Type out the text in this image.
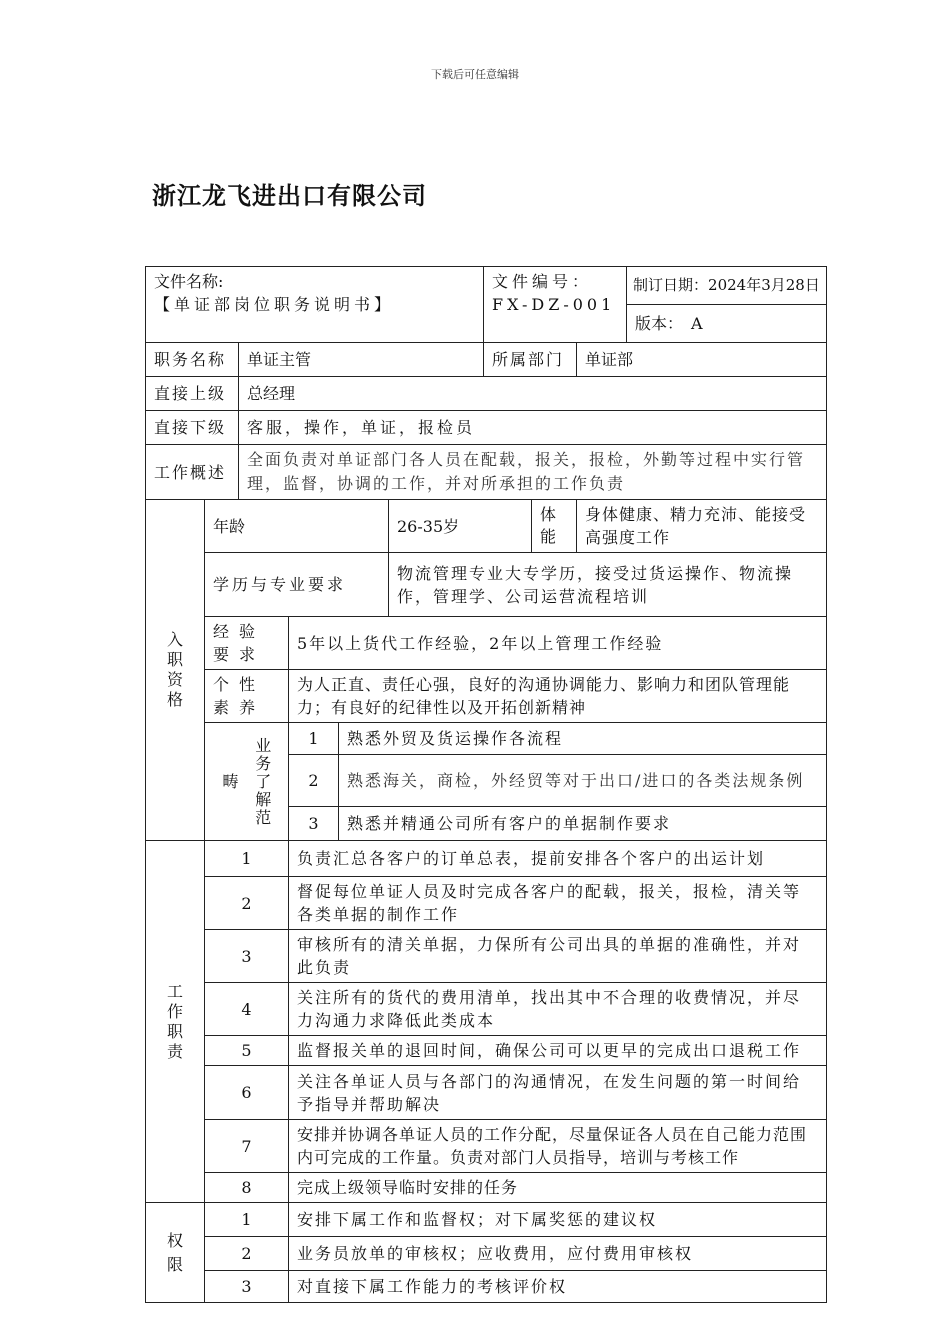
下载后可任意编辑
浙江龙飞进出口有限公司
文件名称:
【单证部岗位职务说明书】						文件编号：FX-DZ-001			制订日期：2024年3月28日
									版本：　A
职务名称		单证主管				所属部门		单证部	
直接上级		总经理							
直接下级		客服，操作，单证，报检员							
工作概述		全面负责对单证部门各人员在配载，报关，报检，外勤等过程中实行管理，监督，协调的工作，并对所承担的工作负责							

入职资格	年龄				26-35岁		体能	身体健康、精力充沛、能接受高强度工作	
	学历与专业要求				物流管理专业大专学历，接受过货运操作、物流操作，管理学、公司运营流程培训				
	经验要求		5年以上货代工作经验，2年以上管理工作经验						
	个性素养		为人正直、责任心强，良好的沟通协调能力、影响力和团队管理能力；有良好的纪律性以及开拓创新精神						
	畴	业务了解范	1	熟悉外贸及货运操作各流程					
			2	熟悉海关，商检，外经贸等对于出口/进口的各类法规条例					
			3	熟悉并精通公司所有客户的单据制作要求					

工作职责	1		负责汇总各客户的订单总表，提前安排各个客户的出运计划						
	2		督促每位单证人员及时完成各客户的配载，报关，报检，清关等各类单据的制作工作						
	3		审核所有的清关单据，力保所有公司出具的单据的准确性，并对此负责						
	4		关注所有的货代的费用清单，找出其中不合理的收费情况，并尽力沟通力求降低此类成本						
	5		监督报关单的退回时间，确保公司可以更早的完成出口退税工作						
	6		关注各单证人员与各部门的沟通情况，在发生问题的第一时间给予指导并帮助解决						
	7		安排并协调各单证人员的工作分配，尽量保证各人员在自己能力范围内可完成的工作量。负责对部门人员指导，培训与考核工作						
	8		完成上级领导临时安排的任务						

权限	1		安排下属工作和监督权；对下属奖惩的建议权						
	2		业务员放单的审核权；应收费用，应付费用审核权						
	3		对直接下属工作能力的考核评价权						
